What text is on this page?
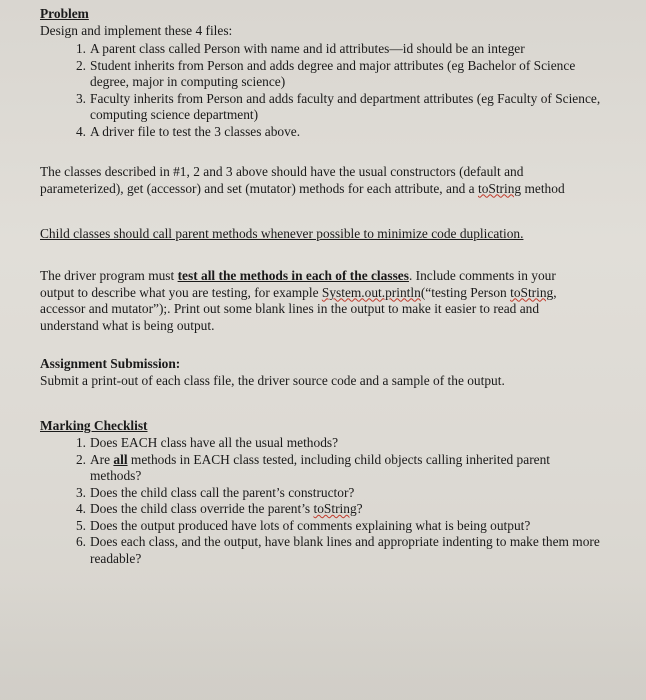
Problem
Design and implement these 4 files:
1. A parent class called Person with name and id attributes—id should be an integer
2. Student inherits from Person and adds degree and major attributes (eg Bachelor of Science
degree, major in computing science)
3. Faculty inherits from Person and adds faculty and department attributes (eg Faculty of Science,
computing science department)
4. A driver file to test the 3 classes above.
The classes described in #1, 2 and 3 above should have the usual constructors (default and
parameterized), get (accessor) and set (mutator) methods for each attribute, and a toString method
Child classes should call parent methods whenever possible to minimize code duplication.
The driver program must test all the methods in each of the classes. Include comments in your
output to describe what you are testing, for example System.out.println(“testing Person toString,
accessor and mutator”);. Print out some blank lines in the output to make it easier to read and
understand what is being output.
Assignment Submission:
Submit a print-out of each class file, the driver source code and a sample of the output.
Marking Checklist
1. Does EACH class have all the usual methods?
2. Are all methods in EACH class tested, including child objects calling inherited parent
methods?
3. Does the child class call the parent’s constructor?
4. Does the child class override the parent’s toString?
5. Does the output produced have lots of comments explaining what is being output?
6. Does each class, and the output, have blank lines and appropriate indenting to make them more
readable?
